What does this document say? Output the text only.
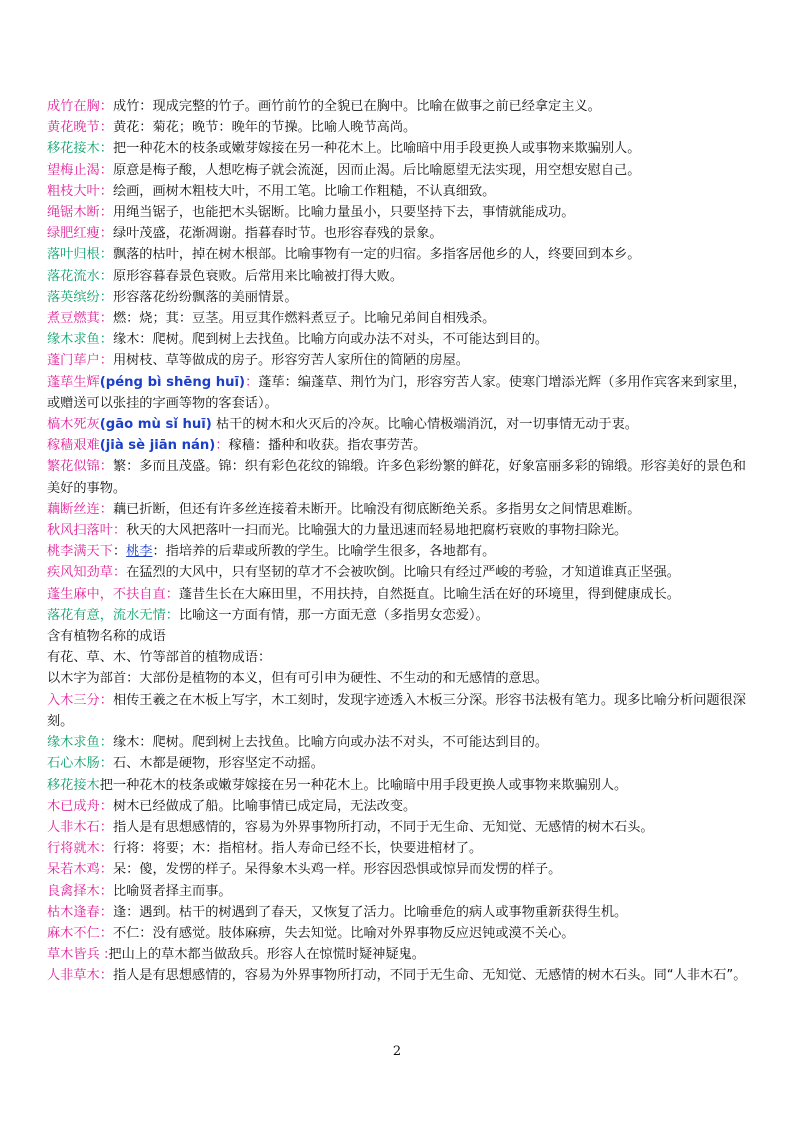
成竹在胸：成竹：现成完整的竹子。画竹前竹的全貌已在胸中。比喻在做事之前已经拿定主义。

黄花晚节：黄花：菊花；晚节：晚年的节操。比喻人晚节高尚。

移花接木：把一种花木的枝条或嫩芽嫁接在另一种花木上。比喻暗中用手段更换人或事物来欺骗别人。

望梅止渴：原意是梅子酸，人想吃梅子就会流涎，因而止渴。后比喻愿望无法实现，用空想安慰自己。

粗枝大叶：绘画，画树木粗枝大叶，不用工笔。比喻工作粗糙，不认真细致。

绳锯木断：用绳当锯子，也能把木头锯断。比喻力量虽小，只要坚持下去，事情就能成功。

绿肥红瘦：绿叶茂盛，花渐凋谢。指暮春时节。也形容春残的景象。

落叶归根：飘落的枯叶，掉在树木根部。比喻事物有一定的归宿。多指客居他乡的人，终要回到本乡。

落花流水：原形容暮春景色衰败。后常用来比喻被打得大败。

落英缤纷：形容落花纷纷飘落的美丽情景。

煮豆燃萁：燃：烧；萁：豆茎。用豆萁作燃料煮豆子。比喻兄弟间自相残杀。

缘木求鱼：缘木：爬树。爬到树上去找鱼。比喻方向或办法不对头，不可能达到目的。

蓬门荜户：用树枝、草等做成的房子。形容穷苦人家所住的简陋的房屋。

蓬荜生辉(péng bì shēng huī)：蓬荜：编蓬草、荆竹为门，形容穷苦人家。使寒门增添光辉（多用作宾客来到家里，或赠送可以张挂的字画等物的客套话）。

槁木死灰(gāo mù sǐ huī) 枯干的树木和火灭后的冷灰。比喻心情极端消沉，对一切事情无动于衷。

稼穑艰难(jià sè jiān nán)：稼穑：播种和收获。指农事劳苦。

繁花似锦：繁：多而且茂盛。锦：织有彩色花纹的锦缎。许多色彩纷繁的鲜花，好象富丽多彩的锦缎。形容美好的景色和美好的事物。

藕断丝连：藕已折断，但还有许多丝连接着未断开。比喻没有彻底断绝关系。多指男女之间情思难断。

秋风扫落叶：秋天的大风把落叶一扫而光。比喻强大的力量迅速而轻易地把腐朽衰败的事物扫除光。

桃李满天下：桃李：指培养的后辈或所教的学生。比喻学生很多，各地都有。

疾风知劲草：在猛烈的大风中，只有坚韧的草才不会被吹倒。比喻只有经过严峻的考验，才知道谁真正坚强。

蓬生麻中，不扶自直：蓬昔生长在大麻田里，不用扶持，自然挺直。比喻生活在好的环境里，得到健康成长。

落花有意，流水无情：比喻这一方面有情，那一方面无意（多指男女恋爱）。

含有植物名称的成语

有花、草、木、竹等部首的植物成语：

以木字为部首：大部份是植物的本义，但有可引申为硬性、不生动的和无感情的意思。

入木三分：相传王羲之在木板上写字，木工刻时，发现字迹透入木板三分深。形容书法极有笔力。现多比喻分析问题很深刻。

缘木求鱼：缘木：爬树。爬到树上去找鱼。比喻方向或办法不对头，不可能达到目的。

石心木肠：石、木都是硬物，形容坚定不动摇。

移花接木把一种花木的枝条或嫩芽嫁接在另一种花木上。比喻暗中用手段更换人或事物来欺骗别人。

木已成舟：树木已经做成了船。比喻事情已成定局，无法改变。

人非木石：指人是有思想感情的，容易为外界事物所打动，不同于无生命、无知觉、无感情的树木石头。

行将就木：行将：将要；木：指棺材。指人寿命已经不长，快要进棺材了。

呆若木鸡：呆：傻，发愣的样子。呆得象木头鸡一样。形容因恐惧或惊异而发愣的样子。

良禽择木：比喻贤者择主而事。

枯木逢春：逢：遇到。枯干的树遇到了春天，又恢复了活力。比喻垂危的病人或事物重新获得生机。

麻木不仁：不仁：没有感觉。肢体麻痹，失去知觉。比喻对外界事物反应迟钝或漠不关心。

草木皆兵 :把山上的草木都当做敌兵。形容人在惊慌时疑神疑鬼。

人非草木：指人是有思想感情的，容易为外界事物所打动，不同于无生命、无知觉、无感情的树木石头。同“人非木石”。

2
